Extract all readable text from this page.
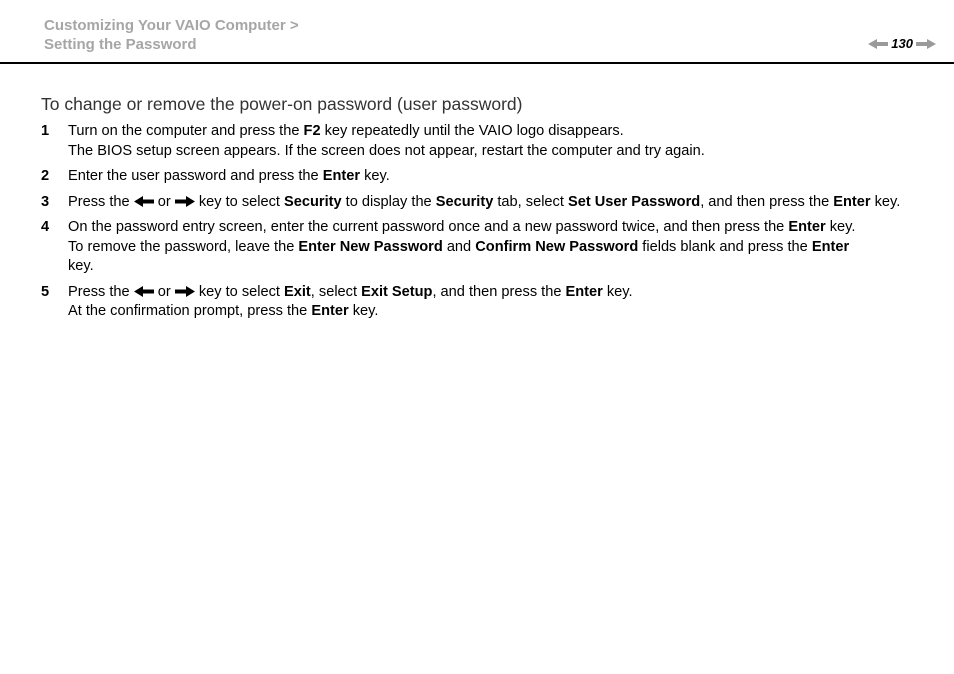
Customizing Your VAIO Computer >
Setting the Password	130
To change or remove the power-on password (user password)
1	Turn on the computer and press the F2 key repeatedly until the VAIO logo disappears.
The BIOS setup screen appears. If the screen does not appear, restart the computer and try again.
2	Enter the user password and press the Enter key.
3	Press the  or  key to select Security to display the Security tab, select Set User Password, and then press the Enter key.
4	On the password entry screen, enter the current password once and a new password twice, and then press the Enter key.
To remove the password, leave the Enter New Password and Confirm New Password fields blank and press the Enter
key.
5	Press the  or  key to select Exit, select Exit Setup, and then press the Enter key.
At the confirmation prompt, press the Enter key.
